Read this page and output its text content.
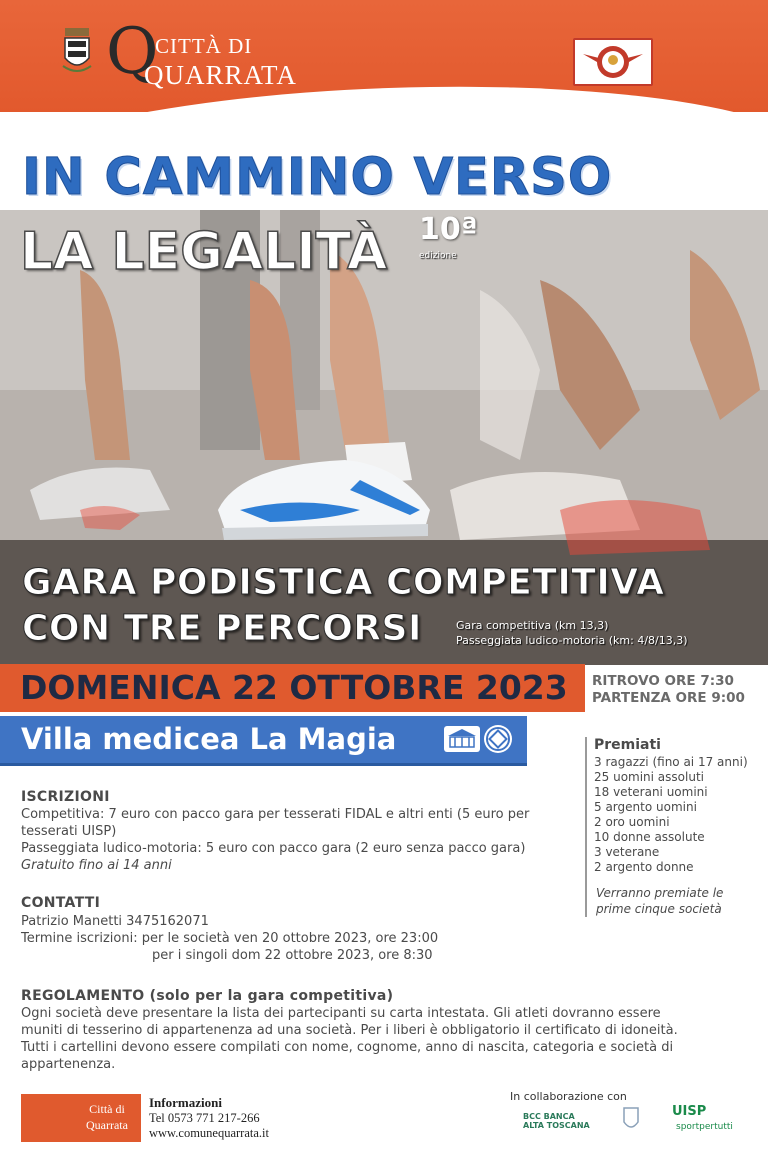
Q
CITTÀ DI
QUARRATA
IN CAMMINO VERSO
LA LEGALITÀ 10ª
edizione
GARA PODISTICA COMPETITIVA
CON TRE PERCORSI	Gara competitiva (km 13,3)
Passeggiata ludico-motoria (km: 4/8/13,3)
DOMENICA 22 OTTOBRE 2023 RITROVO ORE 7:30
PARTENZA ORE 9:00
Villa medicea La Magia	Premiati
3 ragazzi (fino ai 17 anni)
25 uomini assoluti
18 veterani uomini
5 argento uomini
2 oro uomini
10 donne assolute
3 veterane
2 argento donne
Verranno premiate le prime cinque società
ISCRIZIONI
Competitiva: 7 euro con pacco gara per tesserati FIDAL e altri enti (5 euro per
tesserati UISP)
Passeggiata ludico-motoria: 5 euro con pacco gara (2 euro senza pacco gara)
Gratuito fino ai 14 anni
CONTATTI
Patrizio Manetti 3475162071
Termine iscrizioni: per le società ven 20 ottobre 2023, ore 23:00
per i singoli dom 22 ottobre 2023, ore 8:30
REGOLAMENTO (solo per la gara competitiva)
Ogni società deve presentare la lista dei partecipanti su carta intestata. Gli atleti dovranno essere
muniti di tesserino di appartenenza ad una società. Per i liberi è obbligatorio il certificato di idoneità.
Tutti i cartellini devono essere compilati con nome, cognome, anno di nascita, categoria e società di
appartenenza.
Città di
Quarrata
Informazioni
Tel 0573 771 217-266
www.comunequarrata.it
In collaborazione con
BCC BANCA
ALTA TOSCANA
UISP
sportpertutti
